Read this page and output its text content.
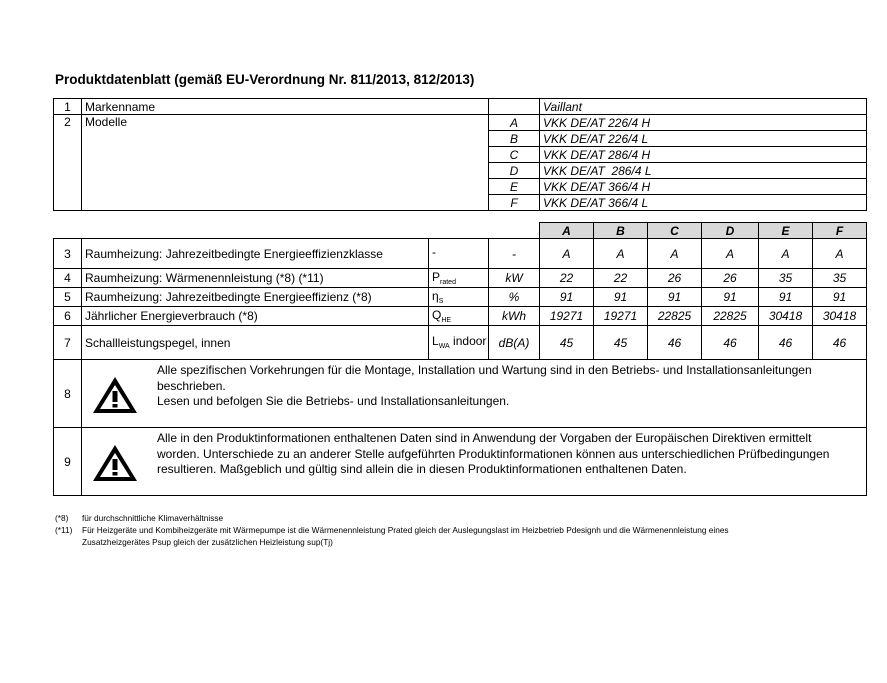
Produktdatenblatt (gemäß EU-Verordnung Nr. 811/2013, 812/2013)
1	Markenname		Vaillant
2	Modelle	A	VKK DE/AT 226/4 H
		B	VKK DE/AT 226/4 L
		C	VKK DE/AT 286/4 H
		D	VKK DE/AT  286/4 L
		E	VKK DE/AT 366/4 H
		F	VKK DE/AT 366/4 L
				A	B	C	D	E	F
3	Raumheizung: Jahrezeitbedingte Energieeffizienzklasse	-	-	A	A	A	A	A	A
4	Raumheizung: Wärmenennleistung (*8) (*11)	$P_{rated}$	kW	22	22	26	26	35	35
5	Raumheizung: Jahrezeitbedingte Energieeffizienz (*8)	$\eta_S$	%	91	91	91	91	91	91
6	Jährlicher Energieverbrauch (*8)	$Q_{HE}$	kWh	19271	19271	22825	22825	30418	30418
7	Schallleistungspegel, innen	$L_{WA}$ indoor	dB(A)	45	45	46	46	46	46
8	Alle spezifischen Vorkehrungen für die Montage, Installation und Wartung sind in den Betriebs- und Installationsanleitungen
beschrieben.
Lesen und befolgen Sie die Betriebs- und Installationsanleitungen.								

9	Alle in den Produktinformationen enthaltenen Daten sind in Anwendung der Vorgaben der Europäischen Direktiven ermittelt
worden. Unterschiede zu an anderer Stelle aufgeführten Produktinformationen können aus unterschiedlichen Prüfbedingungen
resultieren. Maßgeblich und gültig sind allein die in diesen Produktinformationen enthaltenen Daten.								

(*8) für durchschnittliche Klimaverhältnisse
(*11) Für Heizgeräte und Kombiheizgeräte mit Wärmepumpe ist die Wärmenennleistung Prated gleich der Auslegungslast im Heizbetrieb Pdesignh und die Wärmenennleistung eines
Zusatzheizgerätes Psup gleich der zusätzlichen Heizleistung sup(Tj)
